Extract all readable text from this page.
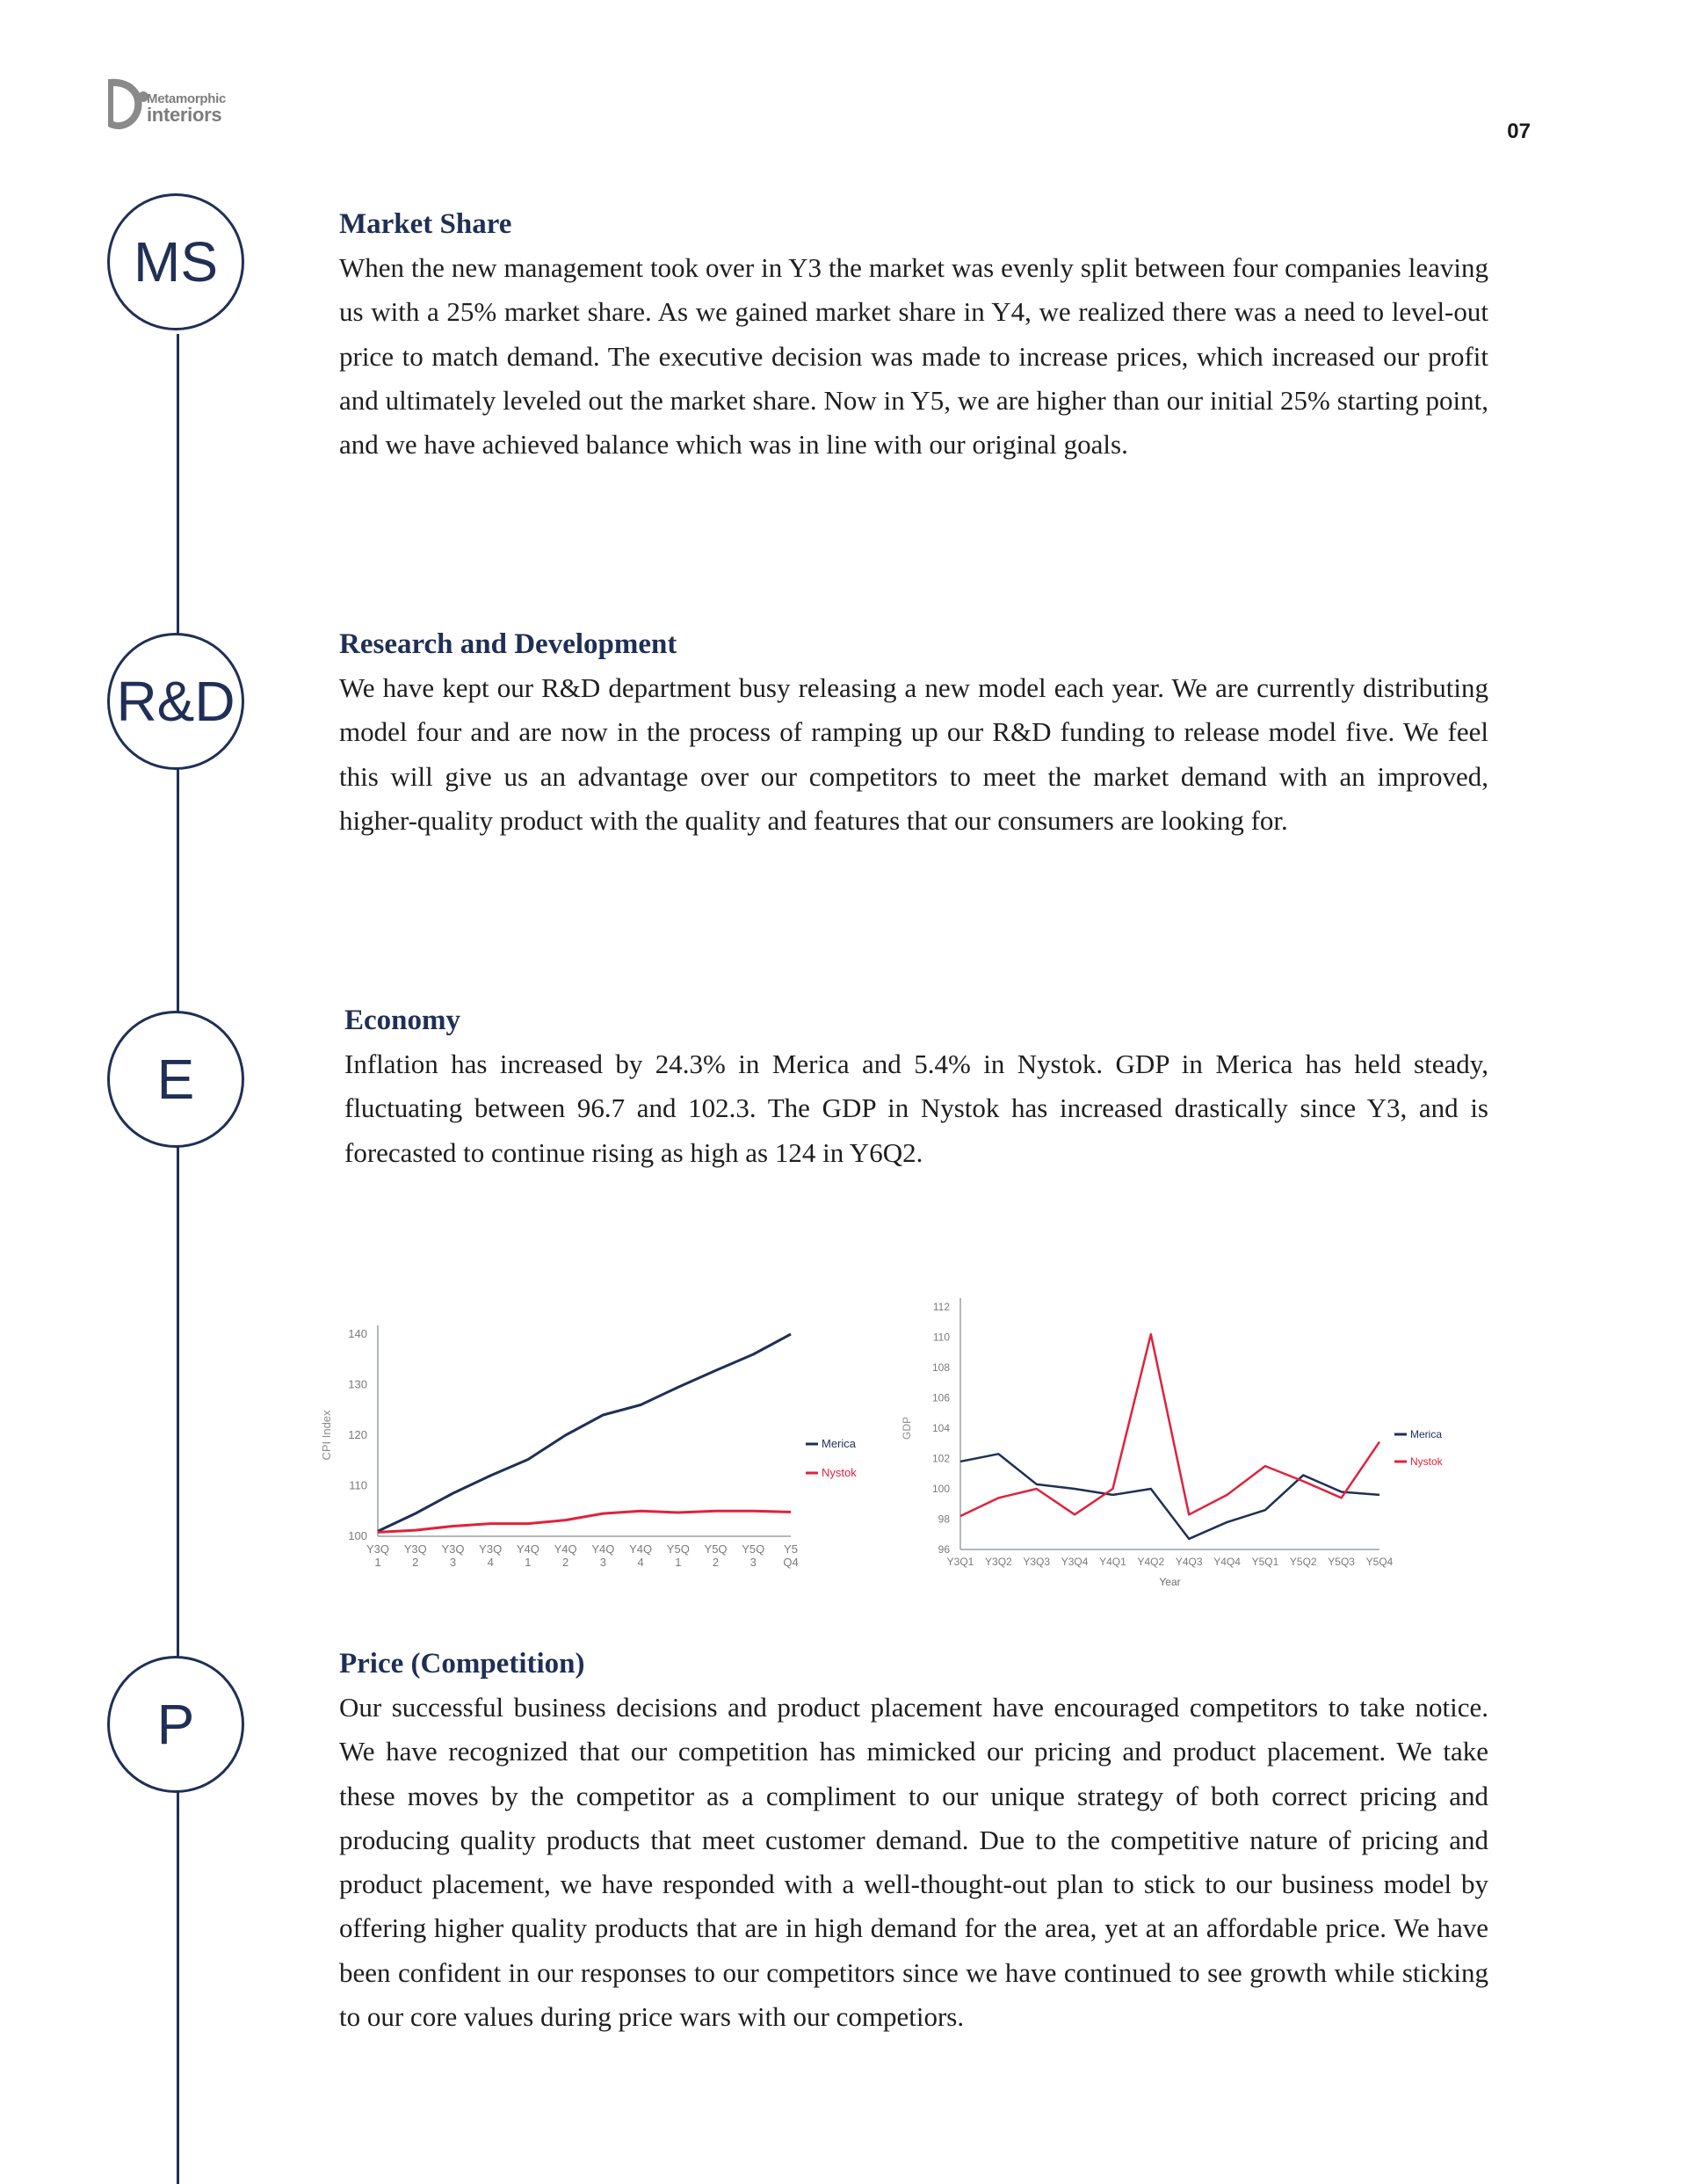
Metamorphic
interiors
07
MS
R&D
E
P
Market Share

When the new management took over in Y3 the market was evenly split between four companies leaving us with a 25% market share. As we gained market share in Y4, we realized there was a need to level-out price to match demand. The executive decision was made to increase prices, which increased our profit and ultimately leveled out the market share. Now in Y5, we are higher than our initial 25% starting point, and we have achieved balance which was in line with our original goals.

Research and Development

We have kept our R&D department busy releasing a new model each year. We are currently distributing model four and are now in the process of ramping up our R&D funding to release model five. We feel this will give us an advantage over our competitors to meet the market demand with an improved, higher-quality product with the quality and features that our consumers are looking for.

Economy

Inflation has increased by 24.3% in Merica and 5.4% in Nystok. GDP in Merica has held steady, fluctuating between 96.7 and 102.3. The GDP in Nystok has increased drastically since Y3, and is forecasted to continue rising as high as 124 in Y6Q2.

100
110
120
130
140
Y3Q
1
Y3Q
2
Y3Q
3
Y3Q
4
Y4Q
1
Y4Q
2
Y4Q
3
Y4Q
4
Y5Q
1
Y5Q
2
Y5Q
3
Y5
Q4
CPI Index	Merica
Nystok
96
98
100
102
104
106
108
110
112
Y3Q1 Y3Q2 Y3Q3 Y3Q4 Y4Q1 Y4Q2 Y4Q3 Y4Q4 Y5Q1 Y5Q2 Y5Q3 Y5Q4
GDP
Year
Merica
Nystok
Price (Competition)

Our successful business decisions and product placement have encouraged competitors to take notice. We have recognized that our competition has mimicked our pricing and product placement. We take these moves by the competitor as a compliment to our unique strategy of both correct pricing and producing quality products that meet customer demand. Due to the competitive nature of pricing and product placement, we have responded with a well-thought-out plan to stick to our business model by offering higher quality products that are in high demand for the area, yet at an affordable price. We have been confident in our responses to our competitors since we have continued to see growth while sticking to our core values during price wars with our competiors.
